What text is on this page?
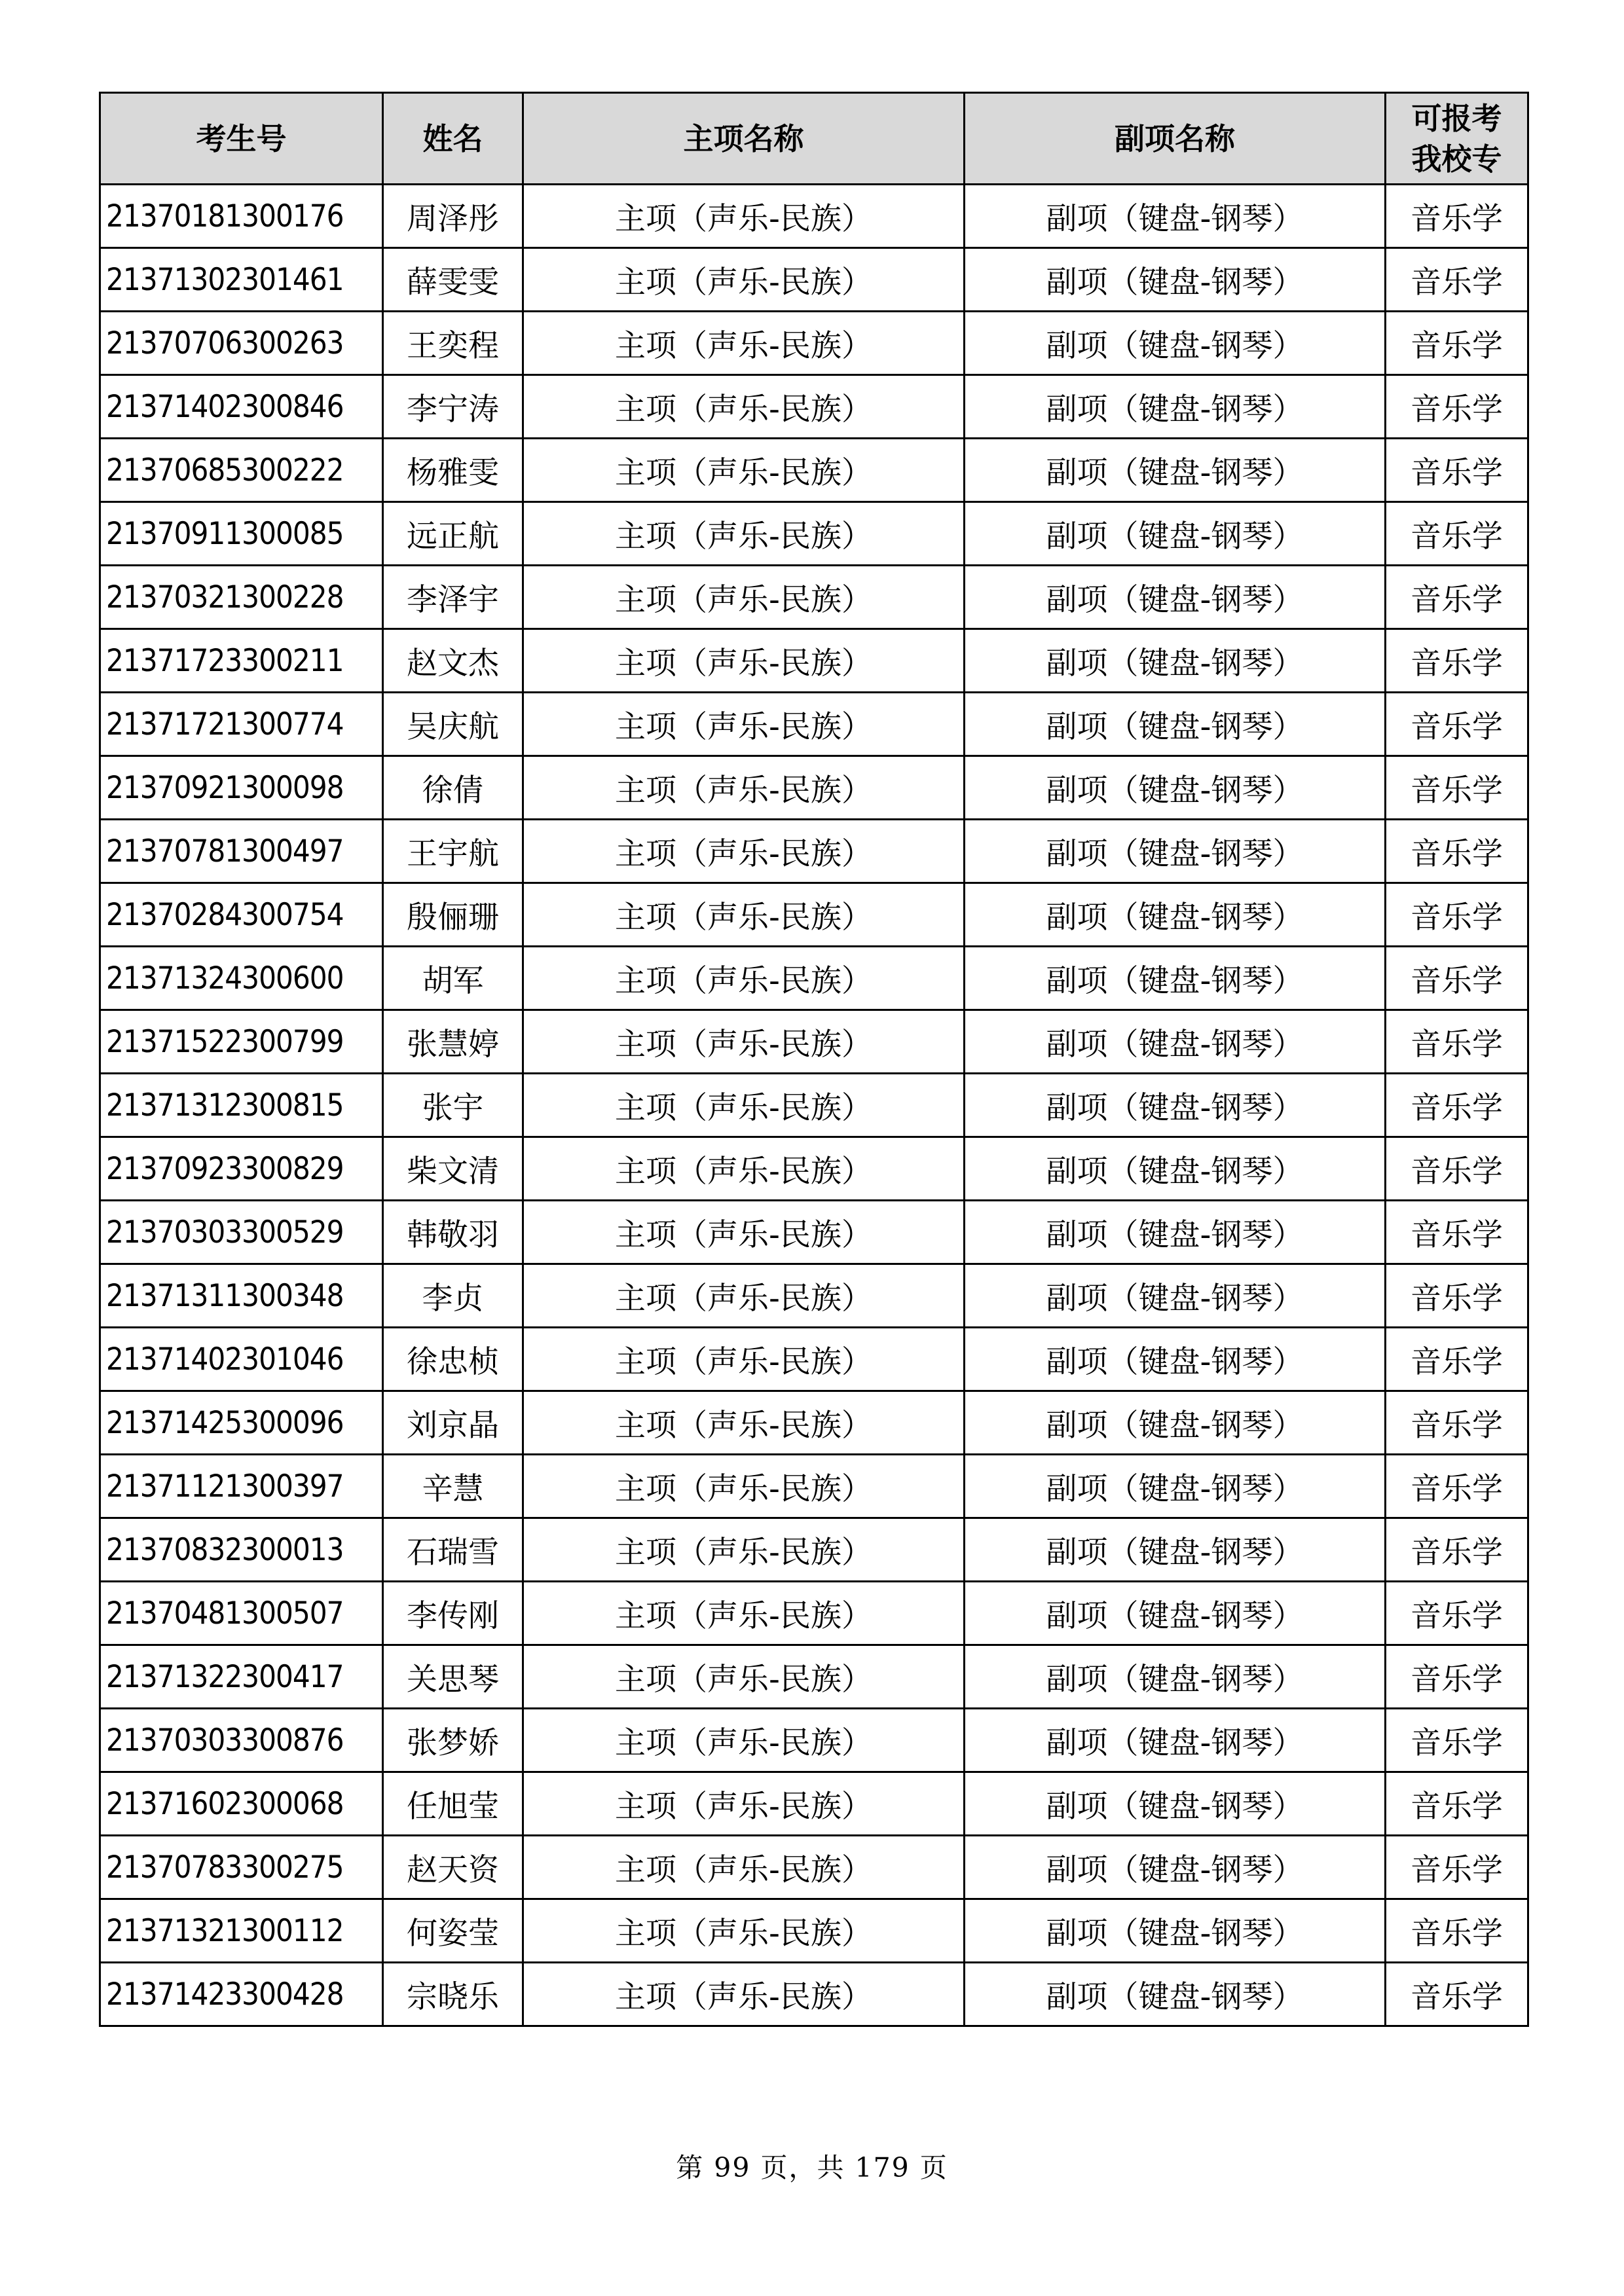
考生号	姓名	主项名称	副项名称	可报考
我校专
21370181300176	周泽彤	主项（声乐-民族）	副项（键盘-钢琴）	音乐学
21371302301461	薛雯雯	主项（声乐-民族）	副项（键盘-钢琴）	音乐学
21370706300263	王奕程	主项（声乐-民族）	副项（键盘-钢琴）	音乐学
21371402300846	李宁涛	主项（声乐-民族）	副项（键盘-钢琴）	音乐学
21370685300222	杨雅雯	主项（声乐-民族）	副项（键盘-钢琴）	音乐学
21370911300085	远正航	主项（声乐-民族）	副项（键盘-钢琴）	音乐学
21370321300228	李泽宇	主项（声乐-民族）	副项（键盘-钢琴）	音乐学
21371723300211	赵文杰	主项（声乐-民族）	副项（键盘-钢琴）	音乐学
21371721300774	吴庆航	主项（声乐-民族）	副项（键盘-钢琴）	音乐学
21370921300098	徐倩	主项（声乐-民族）	副项（键盘-钢琴）	音乐学
21370781300497	王宇航	主项（声乐-民族）	副项（键盘-钢琴）	音乐学
21370284300754	殷俪珊	主项（声乐-民族）	副项（键盘-钢琴）	音乐学
21371324300600	胡军	主项（声乐-民族）	副项（键盘-钢琴）	音乐学
21371522300799	张慧婷	主项（声乐-民族）	副项（键盘-钢琴）	音乐学
21371312300815	张宇	主项（声乐-民族）	副项（键盘-钢琴）	音乐学
21370923300829	柴文清	主项（声乐-民族）	副项（键盘-钢琴）	音乐学
21370303300529	韩敬羽	主项（声乐-民族）	副项（键盘-钢琴）	音乐学
21371311300348	李贞	主项（声乐-民族）	副项（键盘-钢琴）	音乐学
21371402301046	徐忠桢	主项（声乐-民族）	副项（键盘-钢琴）	音乐学
21371425300096	刘京晶	主项（声乐-民族）	副项（键盘-钢琴）	音乐学
21371121300397	辛慧	主项（声乐-民族）	副项（键盘-钢琴）	音乐学
21370832300013	石瑞雪	主项（声乐-民族）	副项（键盘-钢琴）	音乐学
21370481300507	李传刚	主项（声乐-民族）	副项（键盘-钢琴）	音乐学
21371322300417	关思琴	主项（声乐-民族）	副项（键盘-钢琴）	音乐学
21370303300876	张梦娇	主项（声乐-民族）	副项（键盘-钢琴）	音乐学
21371602300068	任旭莹	主项（声乐-民族）	副项（键盘-钢琴）	音乐学
21370783300275	赵天资	主项（声乐-民族）	副项（键盘-钢琴）	音乐学
21371321300112	何姿莹	主项（声乐-民族）	副项（键盘-钢琴）	音乐学
21371423300428	宗晓乐	主项（声乐-民族）	副项（键盘-钢琴）	音乐学
第 99 页，共 179 页
